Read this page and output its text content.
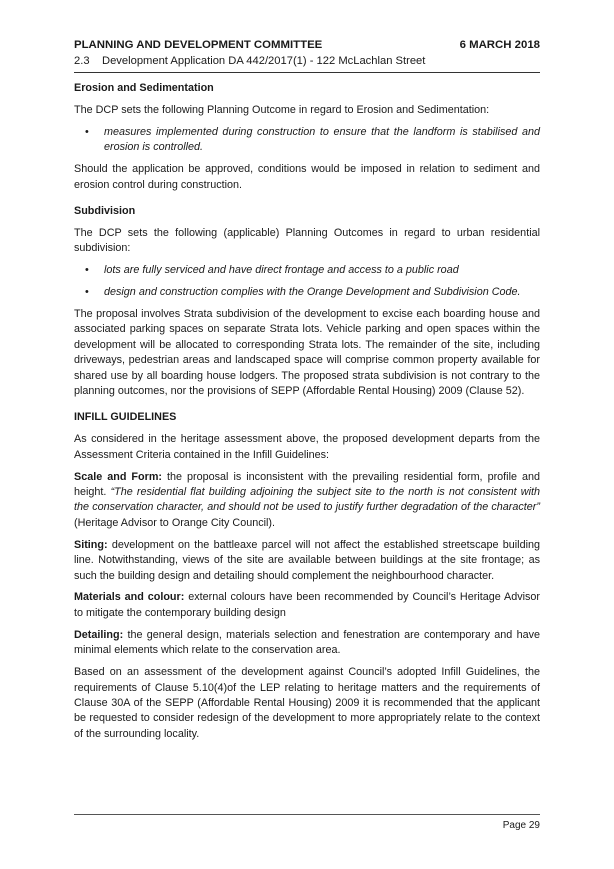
PLANNING AND DEVELOPMENT COMMITTEE	6 MARCH 2018
2.3 Development Application DA 442/2017(1) - 122 McLachlan Street

Erosion and Sedimentation

The DCP sets the following Planning Outcome in regard to Erosion and Sedimentation:

• measures implemented during construction to ensure that the landform is stabilised and erosion is controlled.

Should the application be approved, conditions would be imposed in relation to sediment and erosion control during construction.

Subdivision

The DCP sets the following (applicable) Planning Outcomes in regard to urban residential subdivision:

• lots are fully serviced and have direct frontage and access to a public road
• design and construction complies with the Orange Development and Subdivision Code.

The proposal involves Strata subdivision of the development to excise each boarding house and associated parking spaces on separate Strata lots. Vehicle parking and open spaces within the development will be allocated to corresponding Strata lots. The remainder of the site, including driveways, pedestrian areas and landscaped space will comprise common property available for shared use by all boarding house lodgers. The proposed strata subdivision is not contrary to the planning outcomes, nor the provisions of SEPP (Affordable Rental Housing) 2009 (Clause 52).

INFILL GUIDELINES

As considered in the heritage assessment above, the proposed development departs from the Assessment Criteria contained in the Infill Guidelines:

Scale and Form: the proposal is inconsistent with the prevailing residential form, profile and height. “The residential flat building adjoining the subject site to the north is not consistent with the conservation character, and should not be used to justify further degradation of the character” (Heritage Advisor to Orange City Council).

Siting: development on the battleaxe parcel will not affect the established streetscape building line. Notwithstanding, views of the site are available between buildings at the site frontage; as such the building design and detailing should complement the neighbourhood character.

Materials and colour: external colours have been recommended by Council’s Heritage Advisor to mitigate the contemporary building design

Detailing: the general design, materials selection and fenestration are contemporary and have minimal elements which relate to the conservation area.

Based on an assessment of the development against Council’s adopted Infill Guidelines, the requirements of Clause 5.10(4)of the LEP relating to heritage matters and the requirements of Clause 30A of the SEPP (Affordable Rental Housing) 2009 it is recommended that the applicant be requested to consider redesign of the development to more appropriately relate to the context of the surrounding locality.

Page 29
